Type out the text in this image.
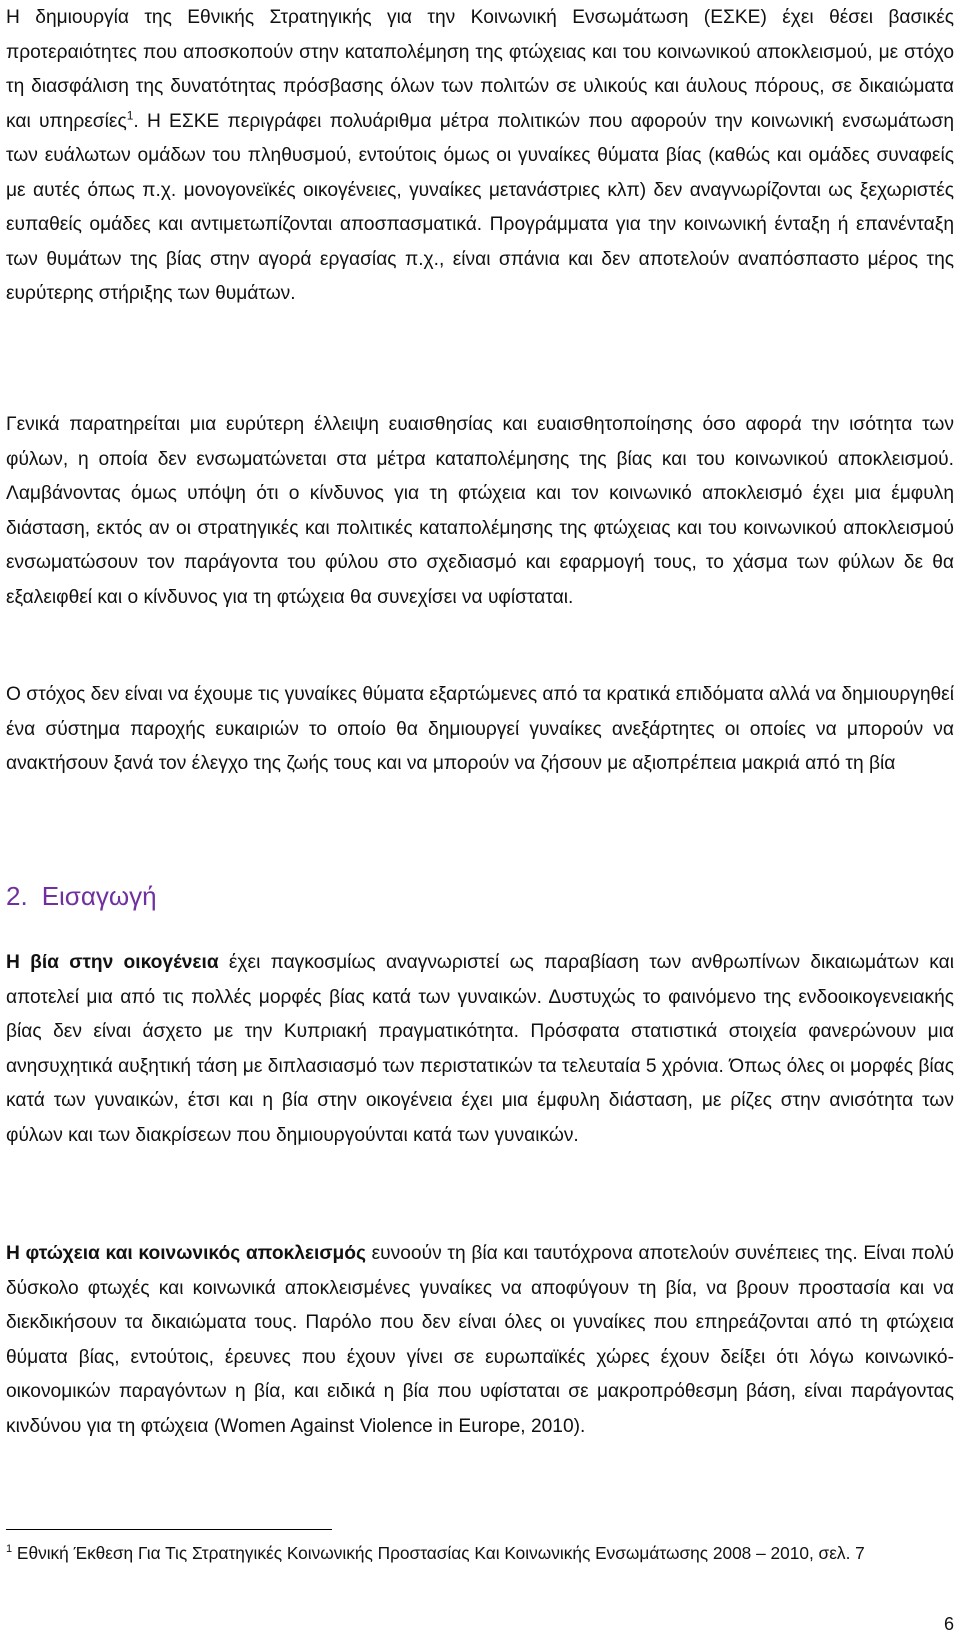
Η δημιουργία της Εθνικής Στρατηγικής για την Κοινωνική Ενσωμάτωση (ΕΣΚΕ) έχει θέσει βασικές προτεραιότητες που αποσκοπούν στην καταπολέμηση της φτώχειας και του κοινωνικού αποκλεισμού, με στόχο τη διασφάλιση της δυνατότητας πρόσβασης όλων των πολιτών σε υλικούς και άυλους πόρους, σε δικαιώματα και υπηρεσίες$^1$. Η ΕΣΚΕ περιγράφει πολυάριθμα μέτρα πολιτικών που αφορούν την κοινωνική ενσωμάτωση των ευάλωτων ομάδων του πληθυσμού, εντούτοις όμως οι γυναίκες θύματα βίας (καθώς και ομάδες συναφείς με αυτές όπως π.χ. μονογονεϊκές οικογένειες, γυναίκες μετανάστριες κλπ) δεν αναγνωρίζονται ως ξεχωριστές ευπαθείς ομάδες και αντιμετωπίζονται αποσπασματικά. Προγράμματα για την κοινωνική ένταξη ή επανένταξη των θυμάτων της βίας στην αγορά εργασίας π.χ., είναι σπάνια και δεν αποτελούν αναπόσπαστο μέρος της ευρύτερης στήριξης των θυμάτων.

Γενικά παρατηρείται μια ευρύτερη έλλειψη ευαισθησίας και ευαισθητοποίησης όσο αφορά την ισότητα των φύλων, η οποία δεν ενσωματώνεται στα μέτρα καταπολέμησης της βίας και του κοινωνικού αποκλεισμού. Λαμβάνοντας όμως υπόψη ότι ο κίνδυνος για τη φτώχεια και τον κοινωνικό αποκλεισμό έχει μια έμφυλη διάσταση, εκτός αν οι στρατηγικές και πολιτικές καταπολέμησης της φτώχειας και του κοινωνικού αποκλεισμού ενσωματώσουν τον παράγοντα του φύλου στο σχεδιασμό και εφαρμογή τους, το χάσμα των φύλων δε θα εξαλειφθεί και ο κίνδυνος για τη φτώχεια θα συνεχίσει να υφίσταται.

Ο στόχος δεν είναι να έχουμε τις γυναίκες θύματα εξαρτώμενες από τα κρατικά επιδόματα αλλά να δημιουργηθεί ένα σύστημα παροχής ευκαιριών το οποίο θα δημιουργεί γυναίκες ανεξάρτητες οι οποίες να μπορούν να ανακτήσουν ξανά τον έλεγχο της ζωής τους και να μπορούν να ζήσουν με αξιοπρέπεια μακριά από τη βία

2. Εισαγωγή

Η βία στην οικογένεια έχει παγκοσμίως αναγνωριστεί ως παραβίαση των ανθρωπίνων δικαιωμάτων και αποτελεί μια από τις πολλές μορφές βίας κατά των γυναικών. Δυστυχώς το φαινόμενο της ενδοοικογενειακής βίας δεν είναι άσχετο με την Κυπριακή πραγματικότητα. Πρόσφατα στατιστικά στοιχεία φανερώνουν μια ανησυχητικά αυξητική τάση με διπλασιασμό των περιστατικών τα τελευταία 5 χρόνια. Όπως όλες οι μορφές βίας κατά των γυναικών, έτσι και η βία στην οικογένεια έχει μια έμφυλη διάσταση, με ρίζες στην ανισότητα των φύλων και των διακρίσεων που δημιουργούνται κατά των γυναικών.

Η φτώχεια και κοινωνικός αποκλεισμός ευνοούν τη βία και ταυτόχρονα αποτελούν συνέπειες της. Είναι πολύ δύσκολο φτωχές και κοινωνικά αποκλεισμένες γυναίκες να αποφύγουν τη βία, να βρουν προστασία και να διεκδικήσουν τα δικαιώματα τους. Παρόλο που δεν είναι όλες οι γυναίκες που επηρεάζονται από τη φτώχεια θύματα βίας, εντούτοις, έρευνες που έχουν γίνει σε ευρωπαϊκές χώρες έχουν δείξει ότι λόγω κοινωνικό-οικονομικών παραγόντων η βία, και ειδικά η βία που υφίσταται σε μακροπρόθεσμη βάση, είναι παράγοντας κινδύνου για τη φτώχεια (Women Against Violence in Europe, 2010).

$^1$ Εθνική Έκθεση Για Τις Στρατηγικές Κοινωνικής Προστασίας Και Κοινωνικής Ενσωμάτωσης 2008 – 2010, σελ. 7

6
